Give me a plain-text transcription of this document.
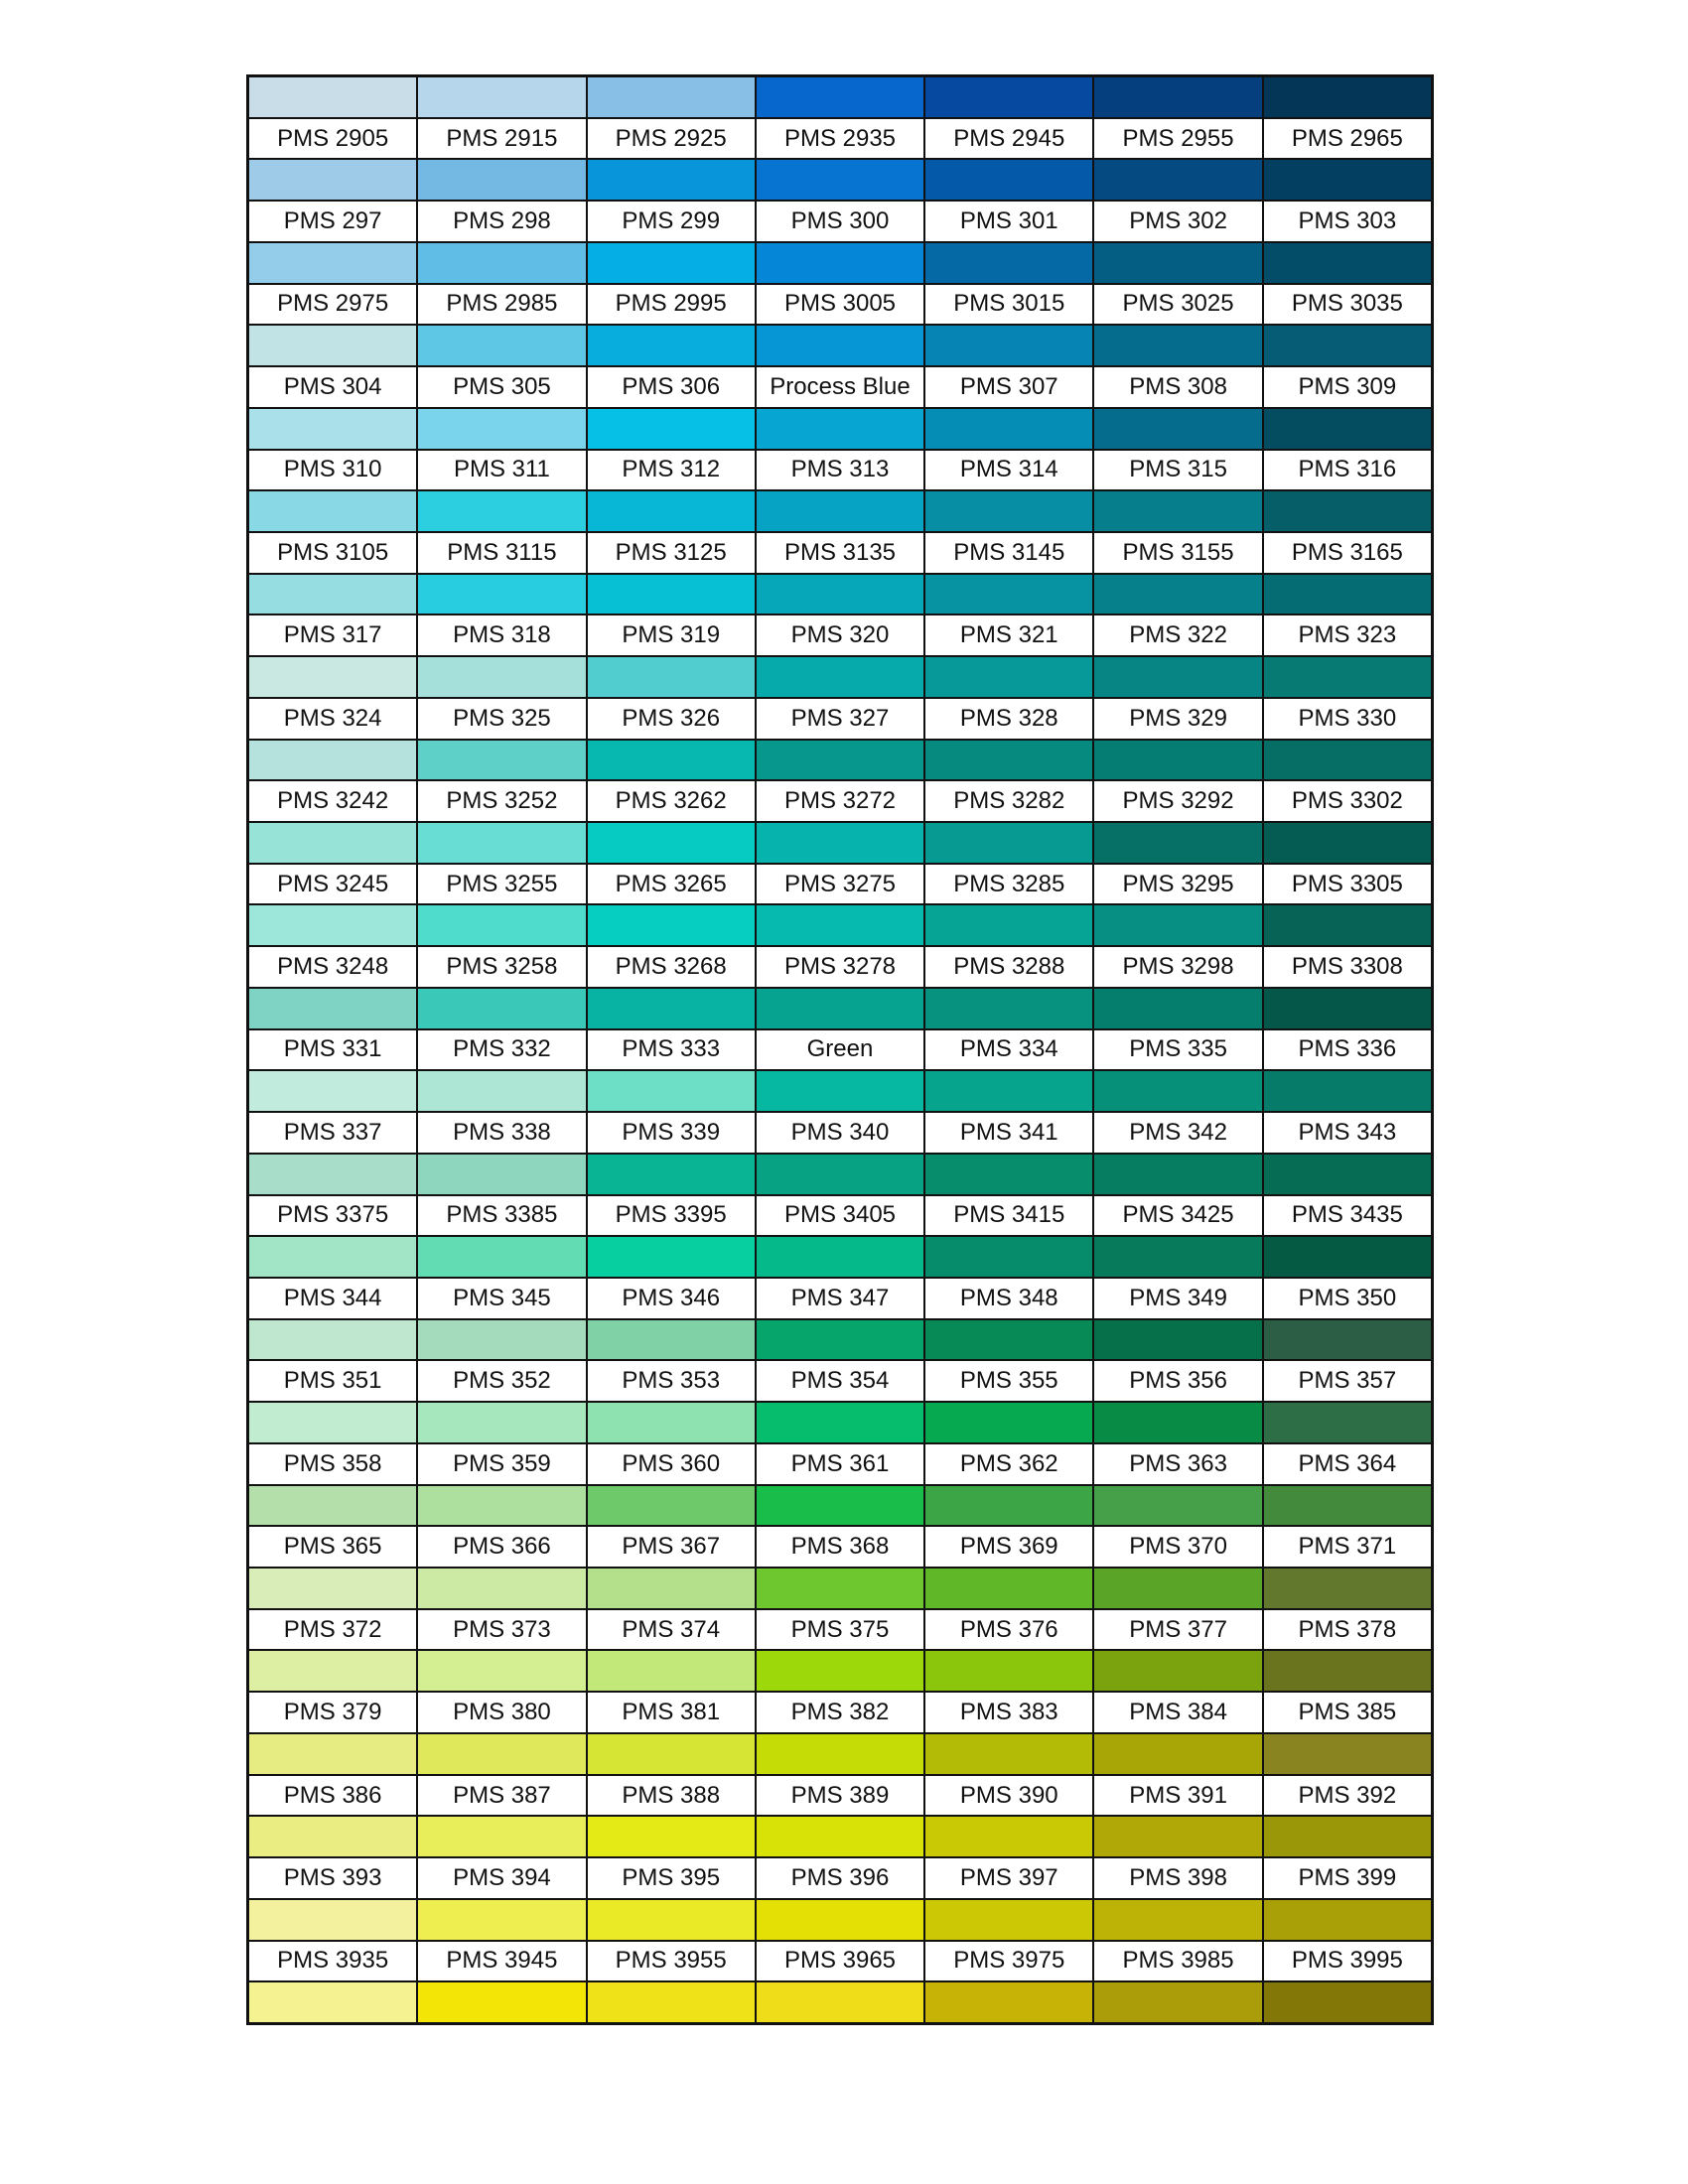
PMS 2905	PMS 2915	PMS 2925	PMS 2935	PMS 2945	PMS 2955	PMS 2965
PMS 297	PMS 298	PMS 299	PMS 300	PMS 301	PMS 302	PMS 303
PMS 2975	PMS 2985	PMS 2995	PMS 3005	PMS 3015	PMS 3025	PMS 3035
PMS 304	PMS 305	PMS 306	Process Blue	PMS 307	PMS 308	PMS 309
PMS 310	PMS 311	PMS 312	PMS 313	PMS 314	PMS 315	PMS 316
PMS 3105	PMS 3115	PMS 3125	PMS 3135	PMS 3145	PMS 3155	PMS 3165
PMS 317	PMS 318	PMS 319	PMS 320	PMS 321	PMS 322	PMS 323
PMS 324	PMS 325	PMS 326	PMS 327	PMS 328	PMS 329	PMS 330
PMS 3242	PMS 3252	PMS 3262	PMS 3272	PMS 3282	PMS 3292	PMS 3302
PMS 3245	PMS 3255	PMS 3265	PMS 3275	PMS 3285	PMS 3295	PMS 3305
PMS 3248	PMS 3258	PMS 3268	PMS 3278	PMS 3288	PMS 3298	PMS 3308
PMS 331	PMS 332	PMS 333	Green	PMS 334	PMS 335	PMS 336
PMS 337	PMS 338	PMS 339	PMS 340	PMS 341	PMS 342	PMS 343
PMS 3375	PMS 3385	PMS 3395	PMS 3405	PMS 3415	PMS 3425	PMS 3435
PMS 344	PMS 345	PMS 346	PMS 347	PMS 348	PMS 349	PMS 350
PMS 351	PMS 352	PMS 353	PMS 354	PMS 355	PMS 356	PMS 357
PMS 358	PMS 359	PMS 360	PMS 361	PMS 362	PMS 363	PMS 364
PMS 365	PMS 366	PMS 367	PMS 368	PMS 369	PMS 370	PMS 371
PMS 372	PMS 373	PMS 374	PMS 375	PMS 376	PMS 377	PMS 378
PMS 379	PMS 380	PMS 381	PMS 382	PMS 383	PMS 384	PMS 385
PMS 386	PMS 387	PMS 388	PMS 389	PMS 390	PMS 391	PMS 392
PMS 393	PMS 394	PMS 395	PMS 396	PMS 397	PMS 398	PMS 399
PMS 3935	PMS 3945	PMS 3955	PMS 3965	PMS 3975	PMS 3985	PMS 3995
